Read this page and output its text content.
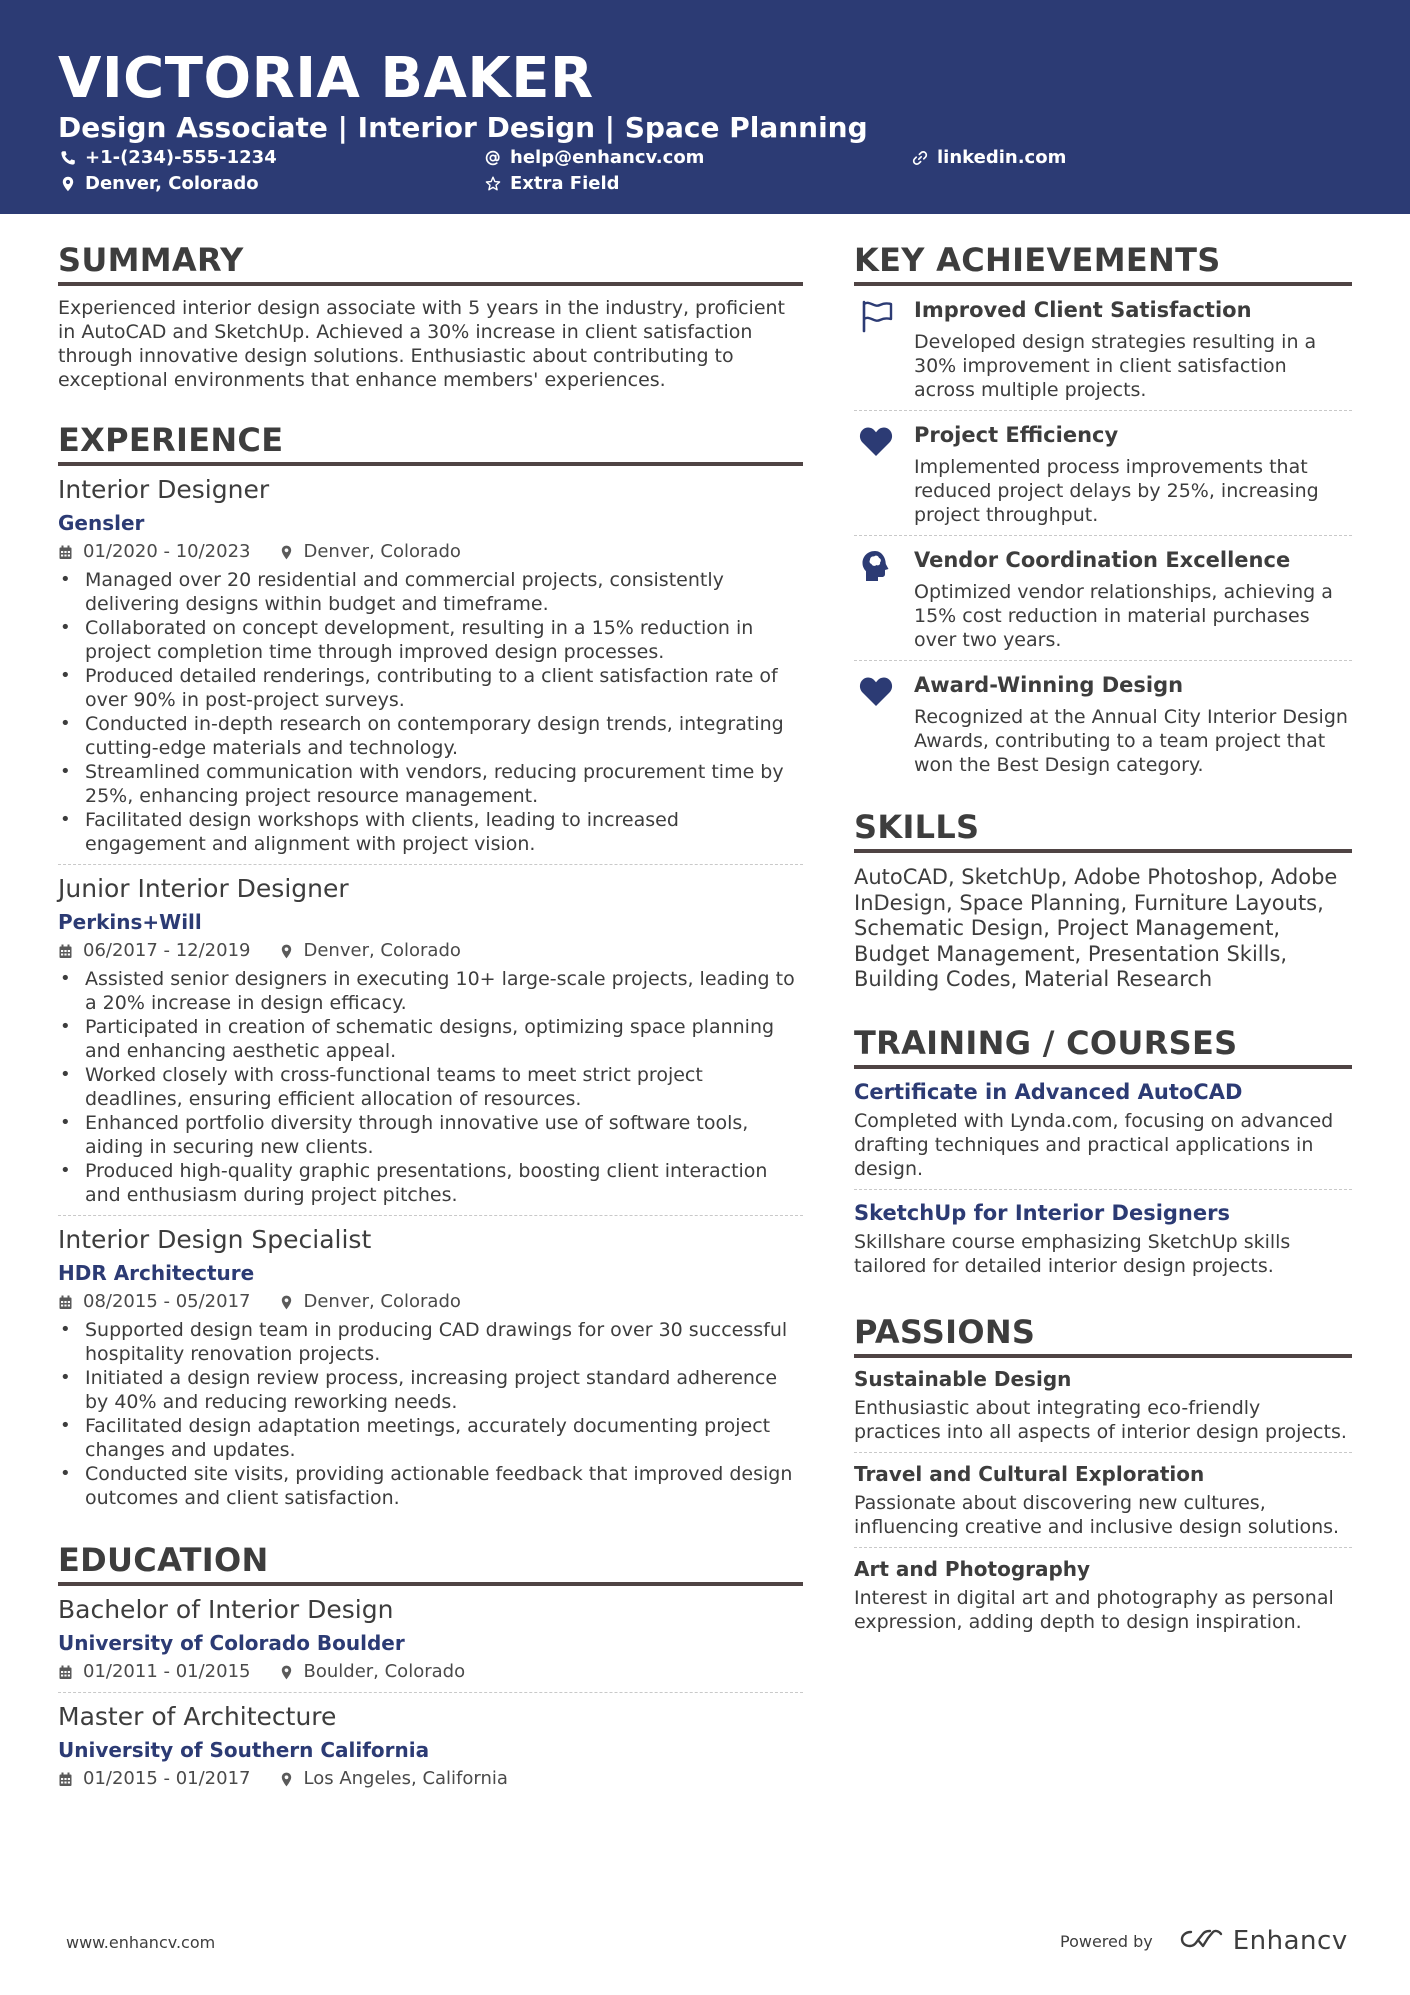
VICTORIA BAKER
Design Associate | Interior Design | Space Planning
+1-(234)-555-1234	help@enhancv.com	linkedin.com
Denver, Colorado	Extra Field
SUMMARY
Experienced interior design associate with 5 years in the industry, proficient in AutoCAD and SketchUp. Achieved a 30% increase in client satisfaction through innovative design solutions. Enthusiastic about contributing to exceptional environments that enhance members' experiences.
EXPERIENCE
Interior Designer
Gensler
01/2020 - 10/2023	Denver, Colorado
• Managed over 20 residential and commercial projects, consistently delivering designs within budget and timeframe.
• Collaborated on concept development, resulting in a 15% reduction in project completion time through improved design processes.
• Produced detailed renderings, contributing to a client satisfaction rate of over 90% in post-project surveys.
• Conducted in-depth research on contemporary design trends, integrating cutting-edge materials and technology.
• Streamlined communication with vendors, reducing procurement time by 25%, enhancing project resource management.
• Facilitated design workshops with clients, leading to increased engagement and alignment with project vision.
Junior Interior Designer
Perkins+Will
06/2017 - 12/2019	Denver, Colorado
• Assisted senior designers in executing 10+ large-scale projects, leading to a 20% increase in design efficacy.
• Participated in creation of schematic designs, optimizing space planning and enhancing aesthetic appeal.
• Worked closely with cross-functional teams to meet strict project deadlines, ensuring efficient allocation of resources.
• Enhanced portfolio diversity through innovative use of software tools, aiding in securing new clients.
• Produced high-quality graphic presentations, boosting client interaction and enthusiasm during project pitches.
Interior Design Specialist
HDR Architecture
08/2015 - 05/2017	Denver, Colorado
• Supported design team in producing CAD drawings for over 30 successful hospitality renovation projects.
• Initiated a design review process, increasing project standard adherence by 40% and reducing reworking needs.
• Facilitated design adaptation meetings, accurately documenting project changes and updates.
• Conducted site visits, providing actionable feedback that improved design outcomes and client satisfaction.
EDUCATION
Bachelor of Interior Design
University of Colorado Boulder
01/2011 - 01/2015	Boulder, Colorado
Master of Architecture
University of Southern California
01/2015 - 01/2017	Los Angeles, California
KEY ACHIEVEMENTS
Improved Client Satisfaction
Developed design strategies resulting in a 30% improvement in client satisfaction across multiple projects.
Project Efficiency
Implemented process improvements that reduced project delays by 25%, increasing project throughput.
Vendor Coordination Excellence
Optimized vendor relationships, achieving a 15% cost reduction in material purchases over two years.
Award-Winning Design
Recognized at the Annual City Interior Design Awards, contributing to a team project that won the Best Design category.
SKILLS
AutoCAD, SketchUp, Adobe Photoshop, Adobe InDesign, Space Planning, Furniture Layouts, Schematic Design, Project Management, Budget Management, Presentation Skills, Building Codes, Material Research
TRAINING / COURSES
Certificate in Advanced AutoCAD
Completed with Lynda.com, focusing on advanced drafting techniques and practical applications in design.
SketchUp for Interior Designers
Skillshare course emphasizing SketchUp skills tailored for detailed interior design projects.
PASSIONS
Sustainable Design
Enthusiastic about integrating eco-friendly practices into all aspects of interior design projects.
Travel and Cultural Exploration
Passionate about discovering new cultures, influencing creative and inclusive design solutions.
Art and Photography
Interest in digital art and photography as personal expression, adding depth to design inspiration.
www.enhancv.com	Powered by	Enhancv
